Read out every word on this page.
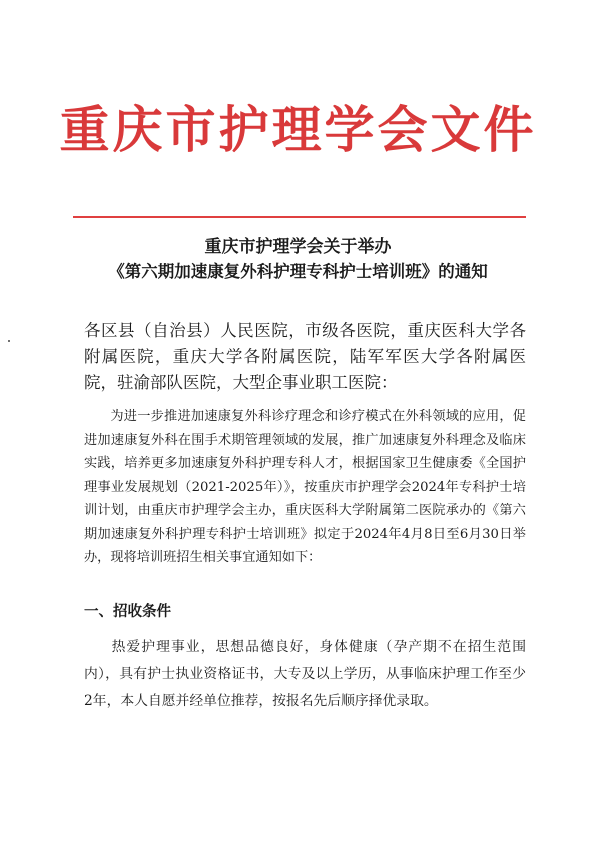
重庆市护理学会文件
重庆市护理学会关于举办
《第六期加速康复外科护理专科护士培训班》的通知

各区县（自治县）人民医院，市级各医院，重庆医科大学各附属医院，重庆大学各附属医院，陆军军医大学各附属医院，驻渝部队医院，大型企事业职工医院：

为进一步推进加速康复外科诊疗理念和诊疗模式在外科领域的应用，促进加速康复外科在围手术期管理领域的发展，推广加速康复外科理念及临床实践，培养更多加速康复外科护理专科人才，根据国家卫生健康委《全国护理事业发展规划（2021-2025年）》，按重庆市护理学会2024年专科护士培训计划，由重庆市护理学会主办，重庆医科大学附属第二医院承办的《第六期加速康复外科护理专科护士培训班》拟定于2024年4月8日至6月30日举办，现将培训班招生相关事宜通知如下：

一、招收条件

热爱护理事业，思想品德良好，身体健康（孕产期不在招生范围内），具有护士执业资格证书，大专及以上学历，从事临床护理工作至少2年，本人自愿并经单位推荐，按报名先后顺序择优录取。
